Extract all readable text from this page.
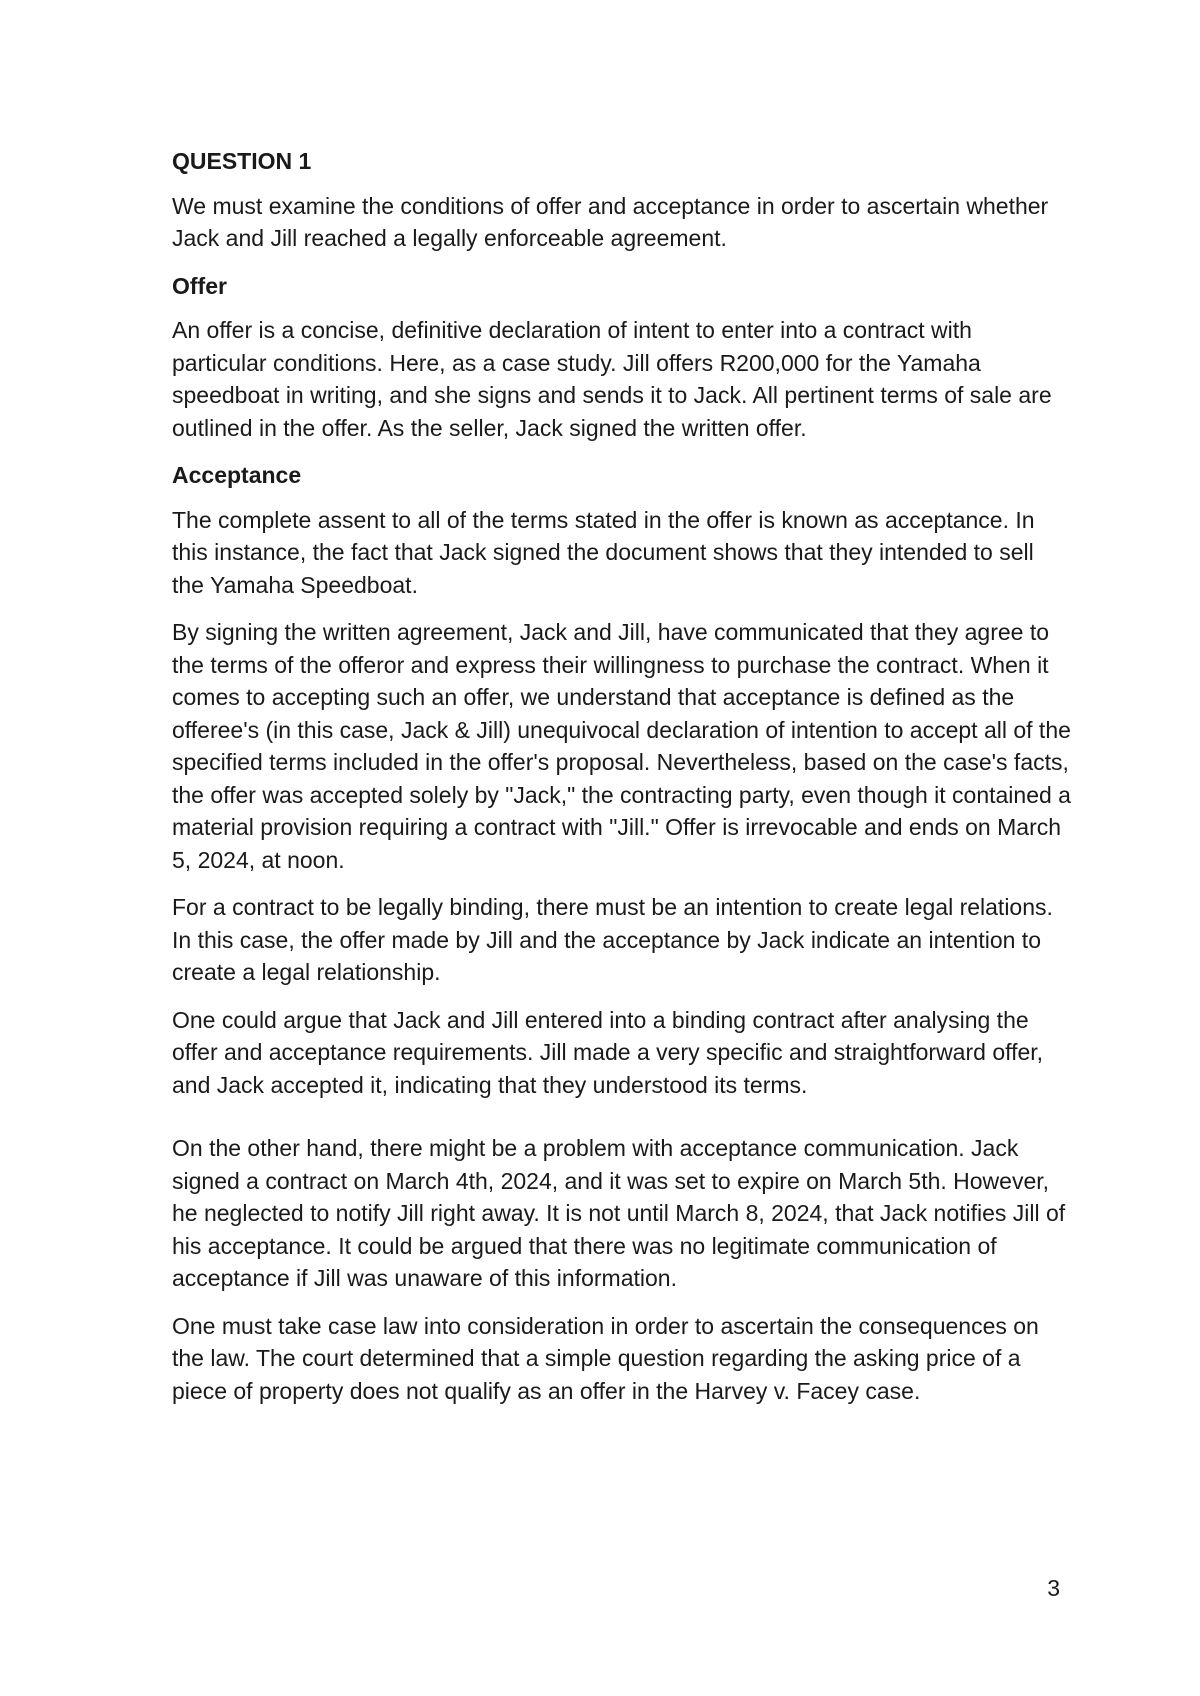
QUESTION 1

We must examine the conditions of offer and acceptance in order to ascertain whether Jack and Jill reached a legally enforceable agreement.

Offer

An offer is a concise, definitive declaration of intent to enter into a contract with particular conditions. Here, as a case study. Jill offers R200,000 for the Yamaha speedboat in writing, and she signs and sends it to Jack. All pertinent terms of sale are outlined in the offer. As the seller, Jack signed the written offer.

Acceptance

The complete assent to all of the terms stated in the offer is known as acceptance. In this instance, the fact that Jack signed the document shows that they intended to sell the Yamaha Speedboat.

By signing the written agreement, Jack and Jill, have communicated that they agree to the terms of the offeror and express their willingness to purchase the contract. When it comes to accepting such an offer, we understand that acceptance is defined as the offeree's (in this case, Jack & Jill) unequivocal declaration of intention to accept all of the specified terms included in the offer's proposal. Nevertheless, based on the case's facts, the offer was accepted solely by "Jack," the contracting party, even though it contained a material provision requiring a contract with "Jill." Offer is irrevocable and ends on March 5, 2024, at noon.

For a contract to be legally binding, there must be an intention to create legal relations. In this case, the offer made by Jill and the acceptance by Jack indicate an intention to create a legal relationship.

One could argue that Jack and Jill entered into a binding contract after analysing the offer and acceptance requirements. Jill made a very specific and straightforward offer, and Jack accepted it, indicating that they understood its terms.

On the other hand, there might be a problem with acceptance communication. Jack signed a contract on March 4th, 2024, and it was set to expire on March 5th. However, he neglected to notify Jill right away. It is not until March 8, 2024, that Jack notifies Jill of his acceptance. It could be argued that there was no legitimate communication of acceptance if Jill was unaware of this information.

One must take case law into consideration in order to ascertain the consequences on the law. The court determined that a simple question regarding the asking price of a piece of property does not qualify as an offer in the Harvey v. Facey case.

3
